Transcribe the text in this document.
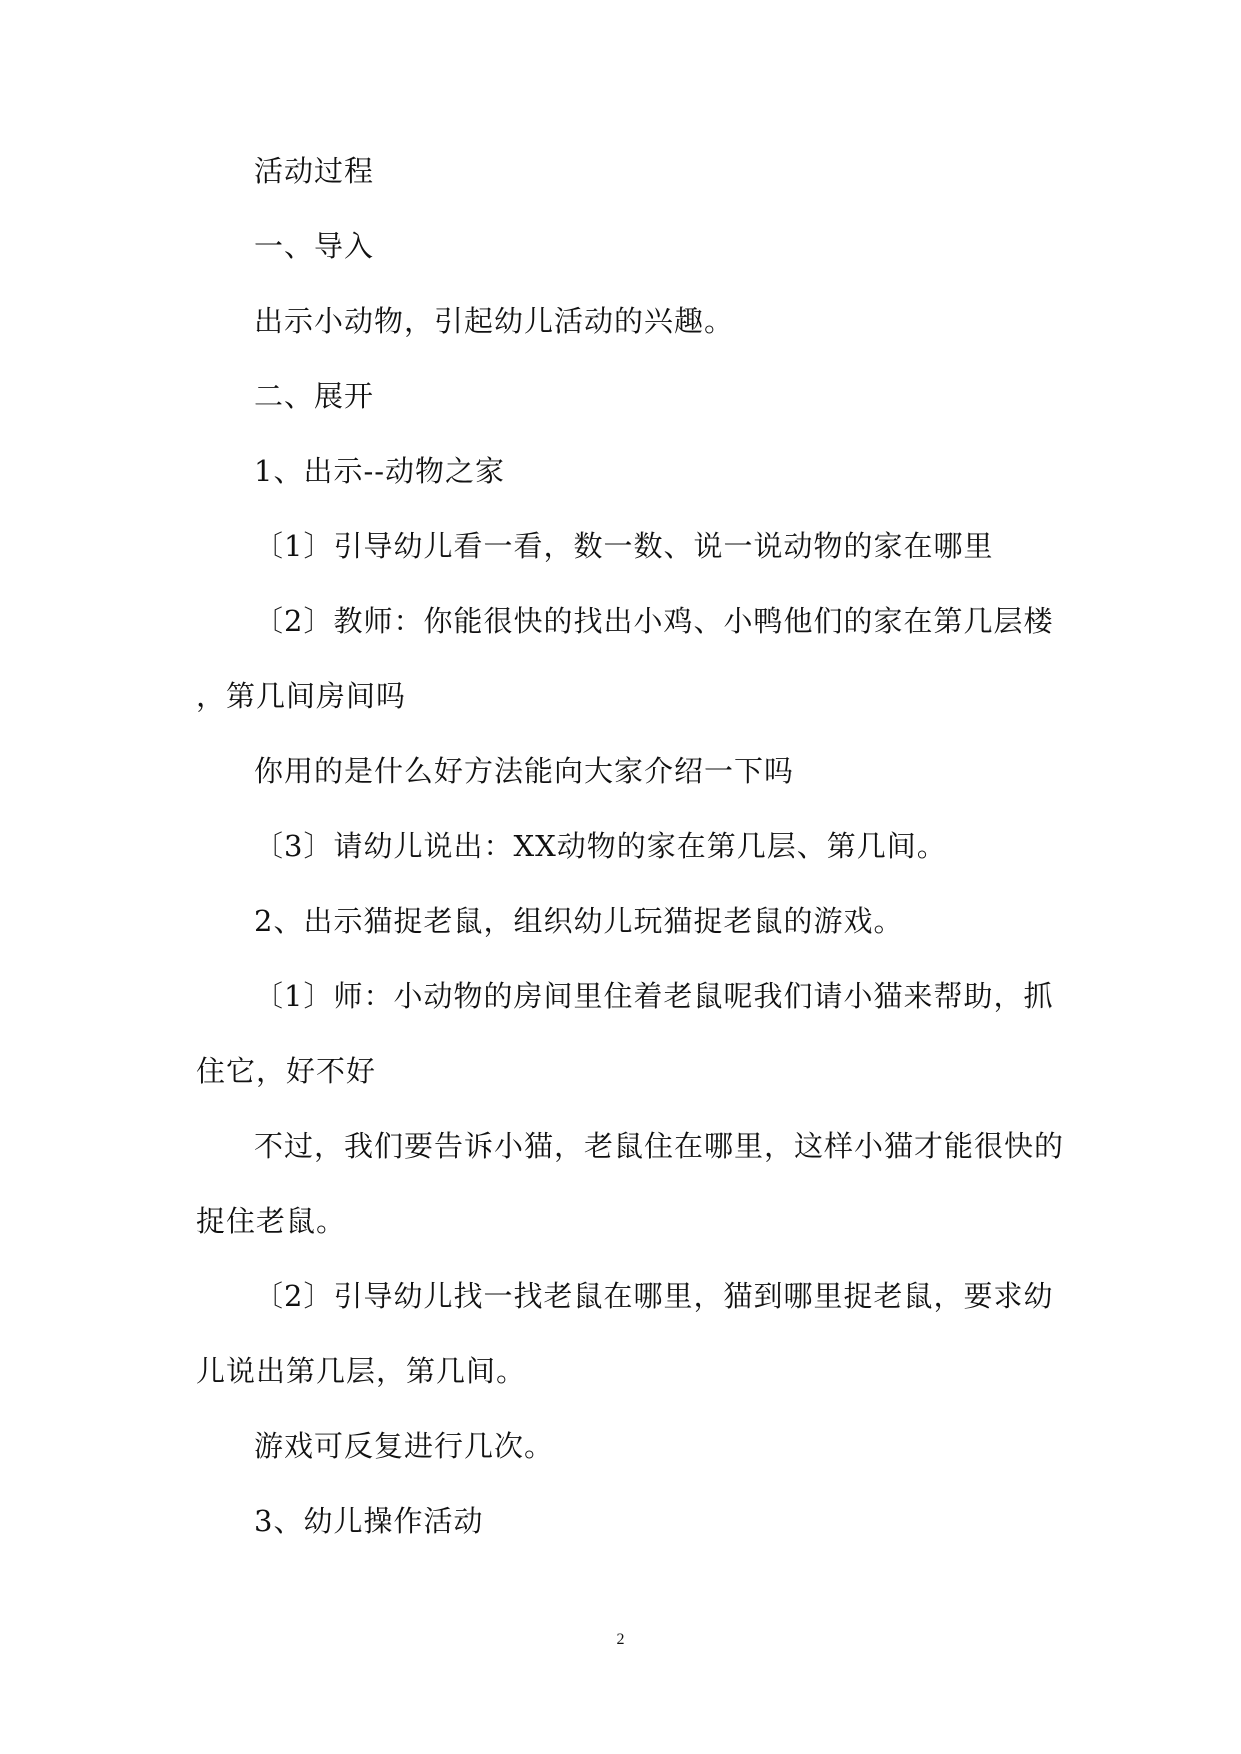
活动过程
一、导入
出示小动物，引起幼儿活动的兴趣。
二、展开
1、出示--动物之家
〔1〕引导幼儿看一看，数一数、说一说动物的家在哪里
〔2〕教师：你能很快的找出小鸡、小鸭他们的家在第几层楼
，第几间房间吗
你用的是什么好方法能向大家介绍一下吗
〔3〕请幼儿说出：XX动物的家在第几层、第几间。
2、出示猫捉老鼠，组织幼儿玩猫捉老鼠的游戏。
〔1〕师：小动物的房间里住着老鼠呢我们请小猫来帮助，抓
住它，好不好
不过，我们要告诉小猫，老鼠住在哪里，这样小猫才能很快的
捉住老鼠。
〔2〕引导幼儿找一找老鼠在哪里，猫到哪里捉老鼠，要求幼
儿说出第几层，第几间。
游戏可反复进行几次。
3、幼儿操作活动
2
